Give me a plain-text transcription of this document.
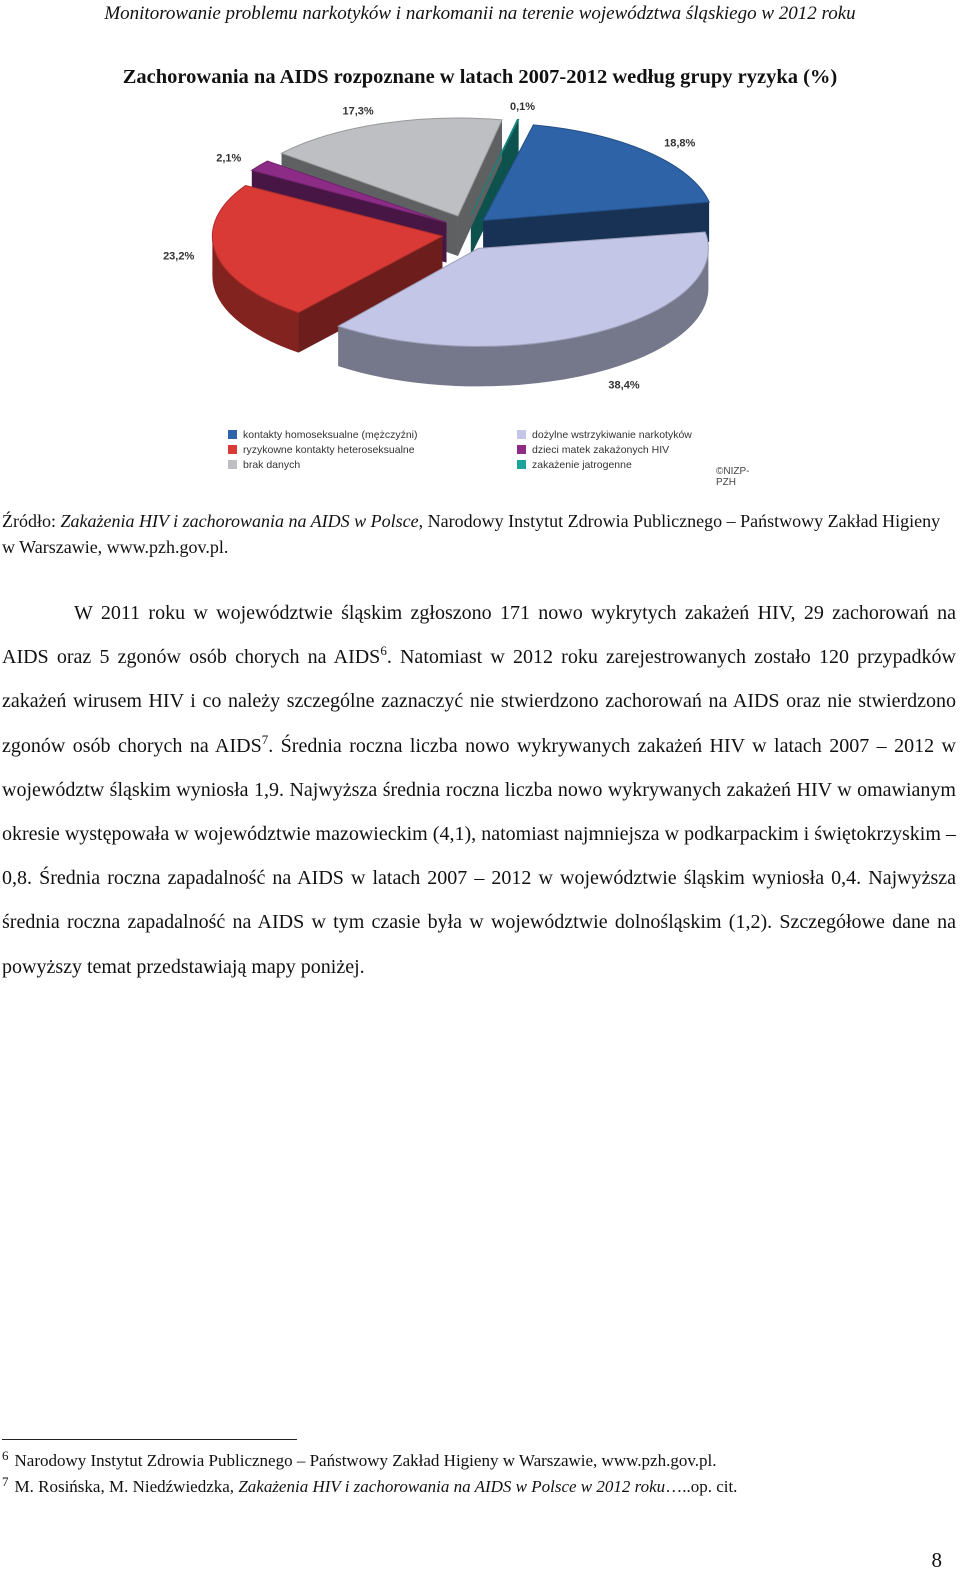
Monitorowanie problemu narkotyków i narkomanii na terenie województwa śląskiego w 2012 roku
Zachorowania na AIDS rozpoznane w latach 2007-2012 według grupy ryzyka (%)
18,8%
38,4%
23,2%
2,1%
17,3%	0,1%
kontakty homoseksualne (mężczyźni)
ryzykowne kontakty heteroseksualne
brak danych
dożylne wstrzykiwanie narkotyków
dzieci matek zakażonych HIV
zakażenie jatrogenne
©NIZP-PZH
Źródło: Zakażenia HIV i zachorowania na AIDS w Polsce, Narodowy Instytut Zdrowia Publicznego – Państwowy Zakład Higieny w Warszawie, www.pzh.gov.pl.
W 2011 roku w województwie śląskim zgłoszono 171 nowo wykrytych zakażeń HIV, 29 zachorowań na AIDS oraz 5 zgonów osób chorych na AIDS$^6$. Natomiast w 2012 roku zarejestrowanych zostało 120 przypadków zakażeń wirusem HIV i co należy szczególne zaznaczyć nie stwierdzono zachorowań na AIDS oraz nie stwierdzono zgonów osób chorych na AIDS$^7$. Średnia roczna liczba nowo wykrywanych zakażeń HIV w latach 2007 – 2012 w województw śląskim wyniosła 1,9. Najwyższa średnia roczna liczba nowo wykrywanych zakażeń HIV w omawianym okresie występowała w województwie mazowieckim (4,1), natomiast najmniejsza w podkarpackim i świętokrzyskim – 0,8. Średnia roczna zapadalność na AIDS w latach 2007 – 2012 w województwie śląskim wyniosła 0,4. Najwyższa średnia roczna zapadalność na AIDS w tym czasie była w województwie dolnośląskim (1,2). Szczegółowe dane na powyższy temat przedstawiają mapy poniżej.
$^6$ Narodowy Instytut Zdrowia Publicznego – Państwowy Zakład Higieny w Warszawie, www.pzh.gov.pl.
$^7$ M. Rosińska, M. Niedźwiedzka, Zakażenia HIV i zachorowania na AIDS w Polsce w 2012 roku…..op. cit.
8
